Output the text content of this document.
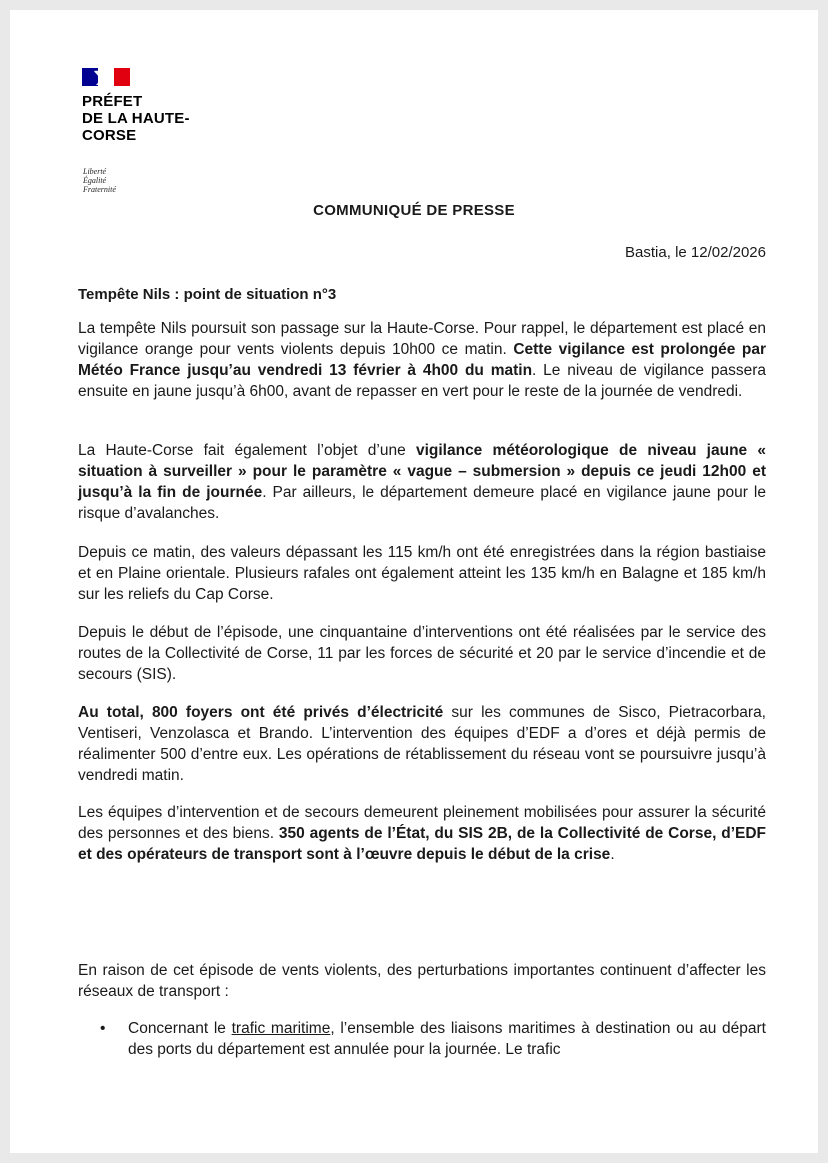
PRÉFET
DE LA HAUTE-
CORSE
Liberté
Égalité
Fraternité
COMMUNIQUÉ DE PRESSE
Bastia, le 12/02/2026
Tempête Nils : point de situation n°3
La tempête Nils poursuit son passage sur la Haute-Corse. Pour rappel, le département est placé en vigilance orange pour vents violents depuis 10h00 ce matin. Cette vigilance est prolongée par Météo France jusqu’au vendredi 13 février à 4h00 du matin. Le niveau de vigilance passera ensuite en jaune jusqu’à 6h00, avant de repasser en vert pour le reste de la journée de vendredi.
La Haute-Corse fait également l’objet d’une vigilance météorologique de niveau jaune « situation à surveiller » pour le paramètre « vague – submersion » depuis ce jeudi 12h00 et jusqu’à la fin de journée. Par ailleurs, le département demeure placé en vigilance jaune pour le risque d’avalanches.
Depuis ce matin, des valeurs dépassant les 115 km/h ont été enregistrées dans la région bastiaise et en Plaine orientale. Plusieurs rafales ont également atteint les 135 km/h en Balagne et 185 km/h sur les reliefs du Cap Corse.
Depuis le début de l’épisode, une cinquantaine d’interventions ont été réalisées par le service des routes de la Collectivité de Corse, 11 par les forces de sécurité et 20 par le service d’incendie et de secours (SIS).
Au total, 800 foyers ont été privés d’électricité sur les communes de Sisco, Pietracorbara, Ventiseri, Venzolasca et Brando. L’intervention des équipes d’EDF a d’ores et déjà permis de réalimenter 500 d’entre eux. Les opérations de rétablissement du réseau vont se poursuivre jusqu’à vendredi matin.
Les équipes d’intervention et de secours demeurent pleinement mobilisées pour assurer la sécurité des personnes et des biens. 350 agents de l’État, du SIS 2B, de la Collectivité de Corse, d’EDF et des opérateurs de transport sont à l’œuvre depuis le début de la crise.
En raison de cet épisode de vents violents, des perturbations importantes continuent d’affecter les réseaux de transport :
• Concernant le trafic maritime, l’ensemble des liaisons maritimes à destination ou au départ des ports du département est annulée pour la journée. Le trafic
